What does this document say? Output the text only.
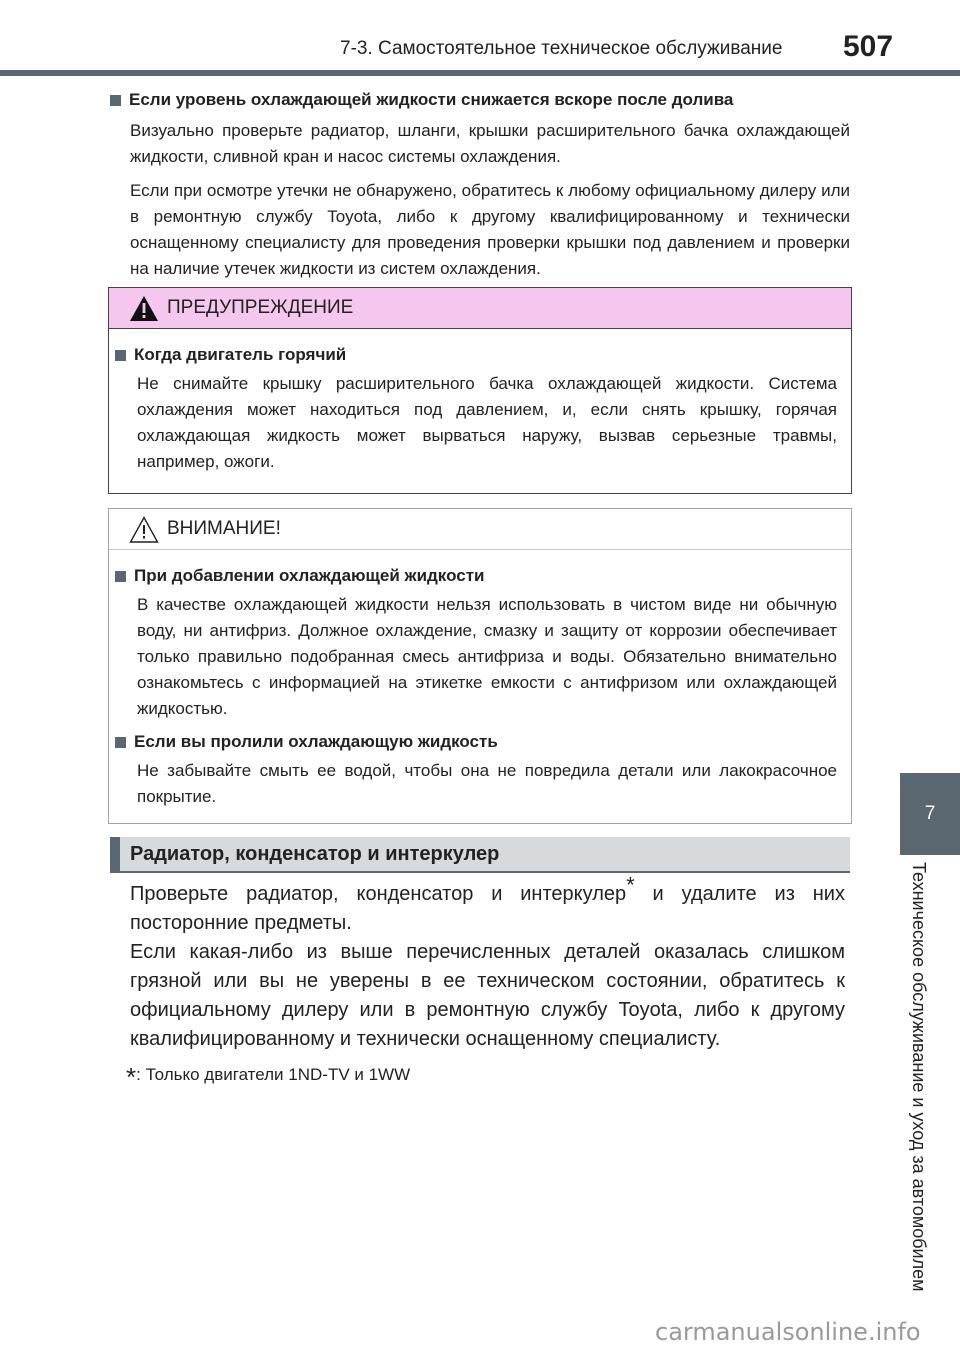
7-3. Самостоятельное техническое обслуживание 507
7
Техническое обслуживание и уход за автомобилем
Если уровень охлаждающей жидкости снижается вскоре после долива

Визуально проверьте радиатор, шланги, крышки расширительного бачка охлаждающей жидкости, сливной кран и насос системы охлаждения.

Если при осмотре утечки не обнаружено, обратитесь к любому официальному дилеру или в ремонтную службу Toyota, либо к другому квалифицированному и технически оснащенному специалисту для проведения проверки крышки под давлением и проверки на наличие утечек жидкости из систем охлаждения.

ПРЕДУПРЕЖДЕНИЕ
Когда двигатель горячий

Не снимайте крышку расширительного бачка охлаждающей жидкости. Система охлаждения может находиться под давлением, и, если снять крышку, горячая охлаждающая жидкость может вырваться наружу, вызвав серьезные травмы, например, ожоги.

ВНИМАНИЕ!
При добавлении охлаждающей жидкости

В качестве охлаждающей жидкости нельзя использовать в чистом виде ни обычную воду, ни антифриз. Должное охлаждение, смазку и защиту от коррозии обеспечивает только правильно подобранная смесь антифриза и воды. Обязательно внимательно ознакомьтесь с информацией на этикетке емкости с антифризом или охлаждающей жидкостью.

Если вы пролили охлаждающую жидкость

Не забывайте смыть ее водой, чтобы она не повредила детали или лакокрасочное покрытие.

Радиатор, конденсатор и интеркулер
Проверьте радиатор, конденсатор и интеркулер* и удалите из них посторонние предметы.
Если какая-либо из выше перечисленных деталей оказалась слишком грязной или вы не уверены в ее техническом состоянии, обратитесь к официальному дилеру или в ремонтную службу Toyota, либо к другому квалифицированному и технически оснащенному специалисту.
*: Только двигатели 1ND-TV и 1WW
carmanualsonline.info
